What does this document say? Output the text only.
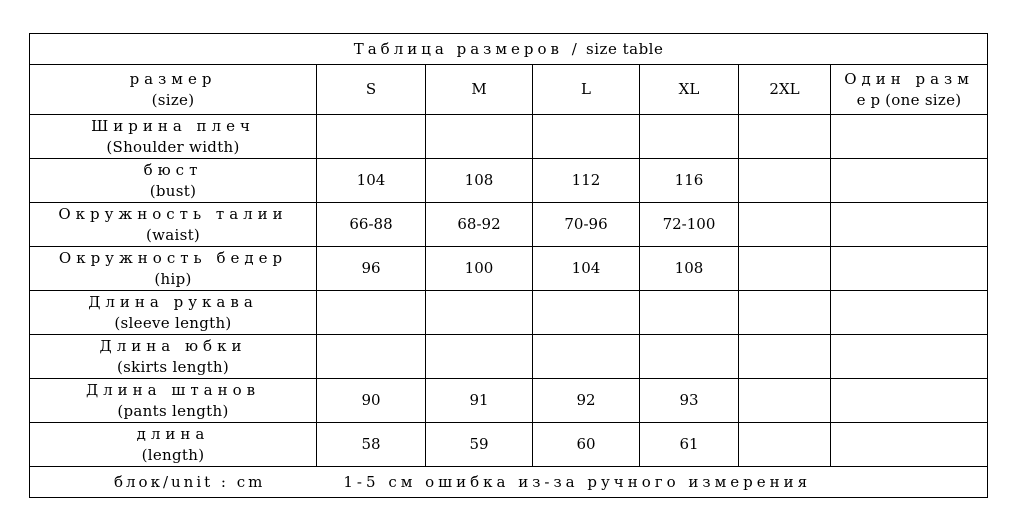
Таблица размеров / size table						

размер
(size)	S	M	L	XL	2XL	Один разм
ер(one size)

Ширина плеч
(Shoulder width)						

бюст
(bust)	104	108	112	116		

Окружность талии
(waist)	66-88	68-92	70-96	72-100		

Окружность бедер
(hip)	96	100	104	108		

Длина рукава
(sleeve length)						

Длина юбки
(skirts length)						

Длина штанов
(pants length)	90	91	92	93		

длина
(length)	58	59	60	61		
блок/unit : cm 1-5 см ошибка из-за ручного измерения						
